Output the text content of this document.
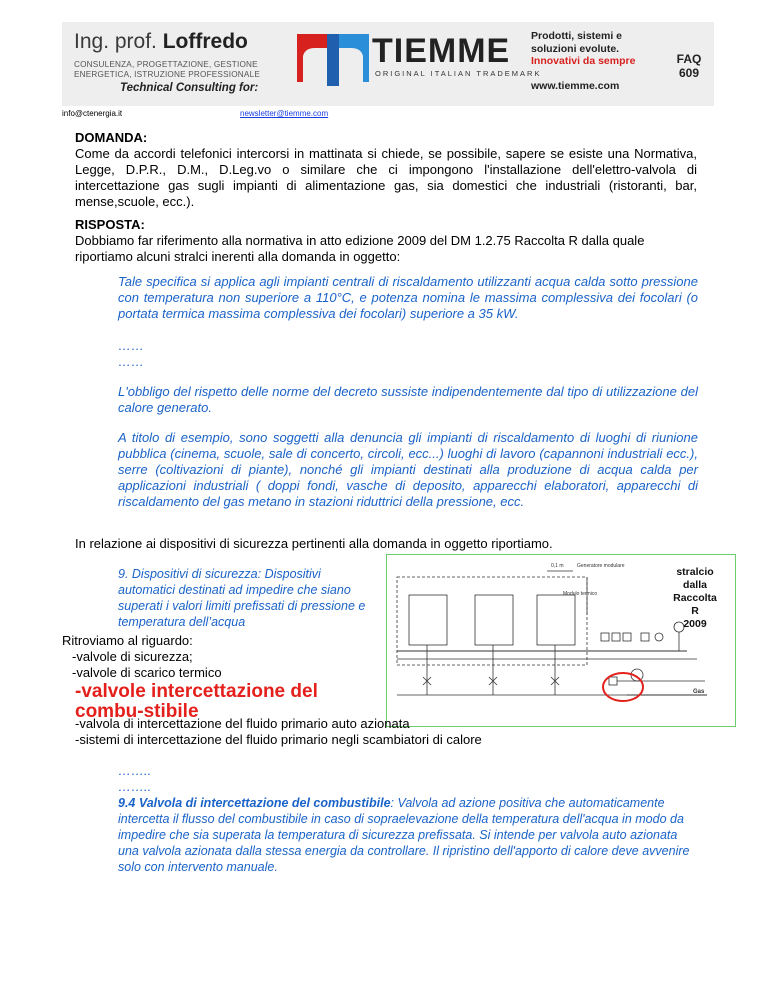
Ing. prof. Loffredo
CONSULENZA, PROGETTAZIONE, GESTIONE ENERGETICA, ISTRUZIONE PROFESSIONALE
Technical Consulting for:
TIEMME
ORIGINAL ITALIAN TRADEMARK
Prodotti, sistemi e
soluzioni evolute.
Innovativi da sempre
www.tiemme.com
FAQ
609
info@ctenergia.it	newsletter@tiemme.com
DOMANDA:
Come da accordi telefonici intercorsi in mattinata si chiede, se possibile, sapere se esiste una Normativa, Legge, D.P.R., D.M., D.Leg.vo o similare che ci impongono l'installazione dell'elettro-valvola di intercettazione gas sugli impianti di alimentazione gas, sia domestici che industriali (ristoranti, bar, mense,scuole, ecc.).
RISPOSTA:
Dobbiamo far riferimento alla normativa in atto edizione 2009 del DM 1.2.75 Raccolta R dalla quale riportiamo alcuni stralci inerenti alla domanda in oggetto:
Tale specifica si applica agli impianti centrali di riscaldamento utilizzanti acqua calda sotto pressione con temperatura non superiore a 110°C, e potenza nomina le massima complessiva dei focolari (o portata termica massima complessiva dei focolari) superiore a 35 kW.
……
……
L'obbligo del rispetto delle norme del decreto sussiste indipendentemente dal tipo di utilizzazione del calore generato.
A titolo di esempio, sono soggetti alla denuncia gli impianti di riscaldamento di luoghi di riunione pubblica (cinema, scuole, sale di concerto, circoli, ecc...) luoghi di lavoro (capannoni industriali ecc.), serre (coltivazioni di piante), nonché gli impianti destinati alla produzione di acqua calda per applicazioni industriali ( doppi fondi, vasche di deposito, apparecchi elaboratori, apparecchi di riscaldamento del gas metano in stazioni riduttrici della pressione, ecc.
In relazione ai dispositivi di sicurezza pertinenti alla domanda in oggetto riportiamo.
9. Dispositivi di sicurezza: Dispositivi automatici destinati ad impedire che siano superati i valori limiti prefissati di pressione e temperatura dell’acqua
Generatore modulare
Modulo termico
0,1 m
Gas
stralcio
dalla
Raccolta R
2009
Ritroviamo al riguardo:
-valvole di sicurezza;
-valvole di scarico termico
-valvole intercettazione del combu-stibile
-valvola di intercettazione del fluido primario auto azionata
-sistemi di intercettazione del fluido primario negli scambiatori di calore
……..
……..
9.4 Valvola di intercettazione del combustibile: Valvola ad azione positiva che automaticamente intercetta il flusso del combustibile in caso di sopraelevazione della temperatura dell'acqua in modo da impedire che sia superata la temperatura di sicurezza prefissata. Si intende per valvola auto azionata una valvola azionata dalla stessa energia da controllare. Il ripristino dell'apporto di calore deve avvenire solo con intervento manuale.
